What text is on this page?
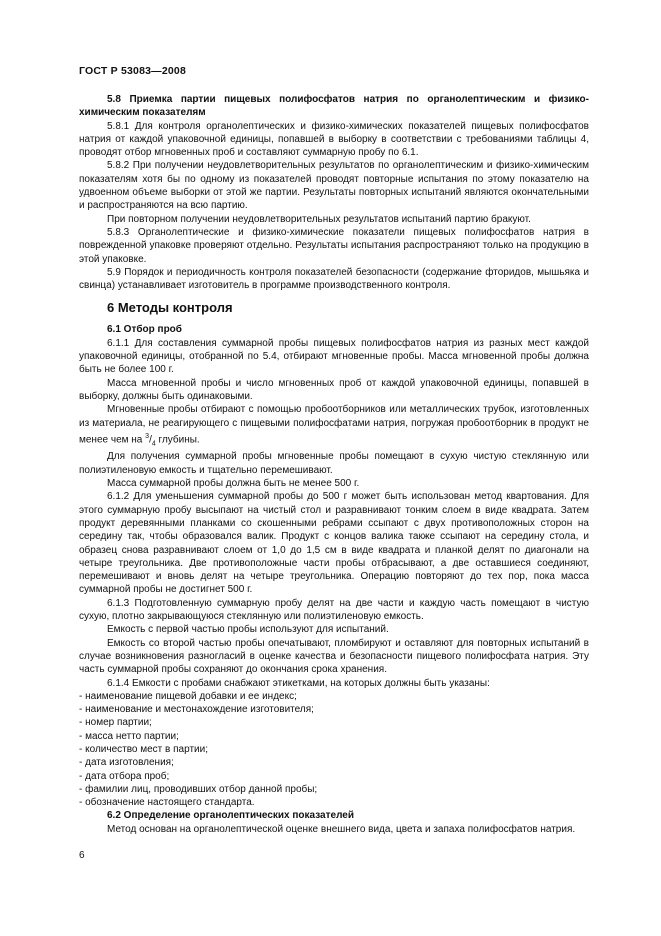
ГОСТ Р 53083—2008

5.8 Приемка партии пищевых полифосфатов натрия по органолептическим и физико-химическим показателям

5.8.1 Для контроля органолептических и физико-химических показателей пищевых полифосфатов натрия от каждой упаковочной единицы, попавшей в выборку в соответствии с требованиями таблицы 4, проводят отбор мгновенных проб и составляют суммарную пробу по 6.1.

5.8.2 При получении неудовлетворительных результатов по органолептическим и физико-химическим показателям хотя бы по одному из показателей проводят повторные испытания по этому показателю на удвоенном объеме выборки от этой же партии. Результаты повторных испытаний являются окончательными и распространяются на всю партию.

При повторном получении неудовлетворительных результатов испытаний партию бракуют.

5.8.3 Органолептические и физико-химические показатели пищевых полифосфатов натрия в поврежденной упаковке проверяют отдельно. Результаты испытания распространяют только на продукцию в этой упаковке.

5.9 Порядок и периодичность контроля показателей безопасности (содержание фторидов, мышьяка и свинца) устанавливает изготовитель в программе производственного контроля.

6 Методы контроля

6.1 Отбор проб

6.1.1 Для составления суммарной пробы пищевых полифосфатов натрия из разных мест каждой упаковочной единицы, отобранной по 5.4, отбирают мгновенные пробы. Масса мгновенной пробы должна быть не более 100 г.

Масса мгновенной пробы и число мгновенных проб от каждой упаковочной единицы, попавшей в выборку, должны быть одинаковыми.

Мгновенные пробы отбирают с помощью пробоотборников или металлических трубок, изготовленных из материала, не реагирующего с пищевыми полифосфатами натрия, погружая пробоотборник в продукт не менее чем на $^3/_4$ глубины.

Для получения суммарной пробы мгновенные пробы помещают в сухую чистую стеклянную или полиэтиленовую емкость и тщательно перемешивают.

Масса суммарной пробы должна быть не менее 500 г.

6.1.2 Для уменьшения суммарной пробы до 500 г может быть использован метод квартования. Для этого суммарную пробу высыпают на чистый стол и разравнивают тонким слоем в виде квадрата. Затем продукт деревянными планками со скошенными ребрами ссыпают с двух противоположных сторон на середину так, чтобы образовался валик. Продукт с концов валика также ссыпают на середину стола, и образец снова разравнивают слоем от 1,0 до 1,5 см в виде квадрата и планкой делят по диагонали на четыре треугольника. Две противоположные части пробы отбрасывают, а две оставшиеся соединяют, перемешивают и вновь делят на четыре треугольника. Операцию повторяют до тех пор, пока масса суммарной пробы не достигнет 500 г.

6.1.3 Подготовленную суммарную пробу делят на две части и каждую часть помещают в чистую сухую, плотно закрывающуюся стеклянную или полиэтиленовую емкость.

Емкость с первой частью пробы используют для испытаний.

Емкость со второй частью пробы опечатывают, пломбируют и оставляют для повторных испытаний в случае возникновения разногласий в оценке качества и безопасности пищевого полифосфата натрия. Эту часть суммарной пробы сохраняют до окончания срока хранения.

6.1.4 Емкости с пробами снабжают этикетками, на которых должны быть указаны:

- наименование пищевой добавки и ее индекс;
- наименование и местонахождение изготовителя;
- номер партии;
- масса нетто партии;
- количество мест в партии;
- дата изготовления;
- дата отбора проб;
- фамилии лиц, проводивших отбор данной пробы;
- обозначение настоящего стандарта.

6.2 Определение органолептических показателей

Метод основан на органолептической оценке внешнего вида, цвета и запаха полифосфатов натрия.

6
